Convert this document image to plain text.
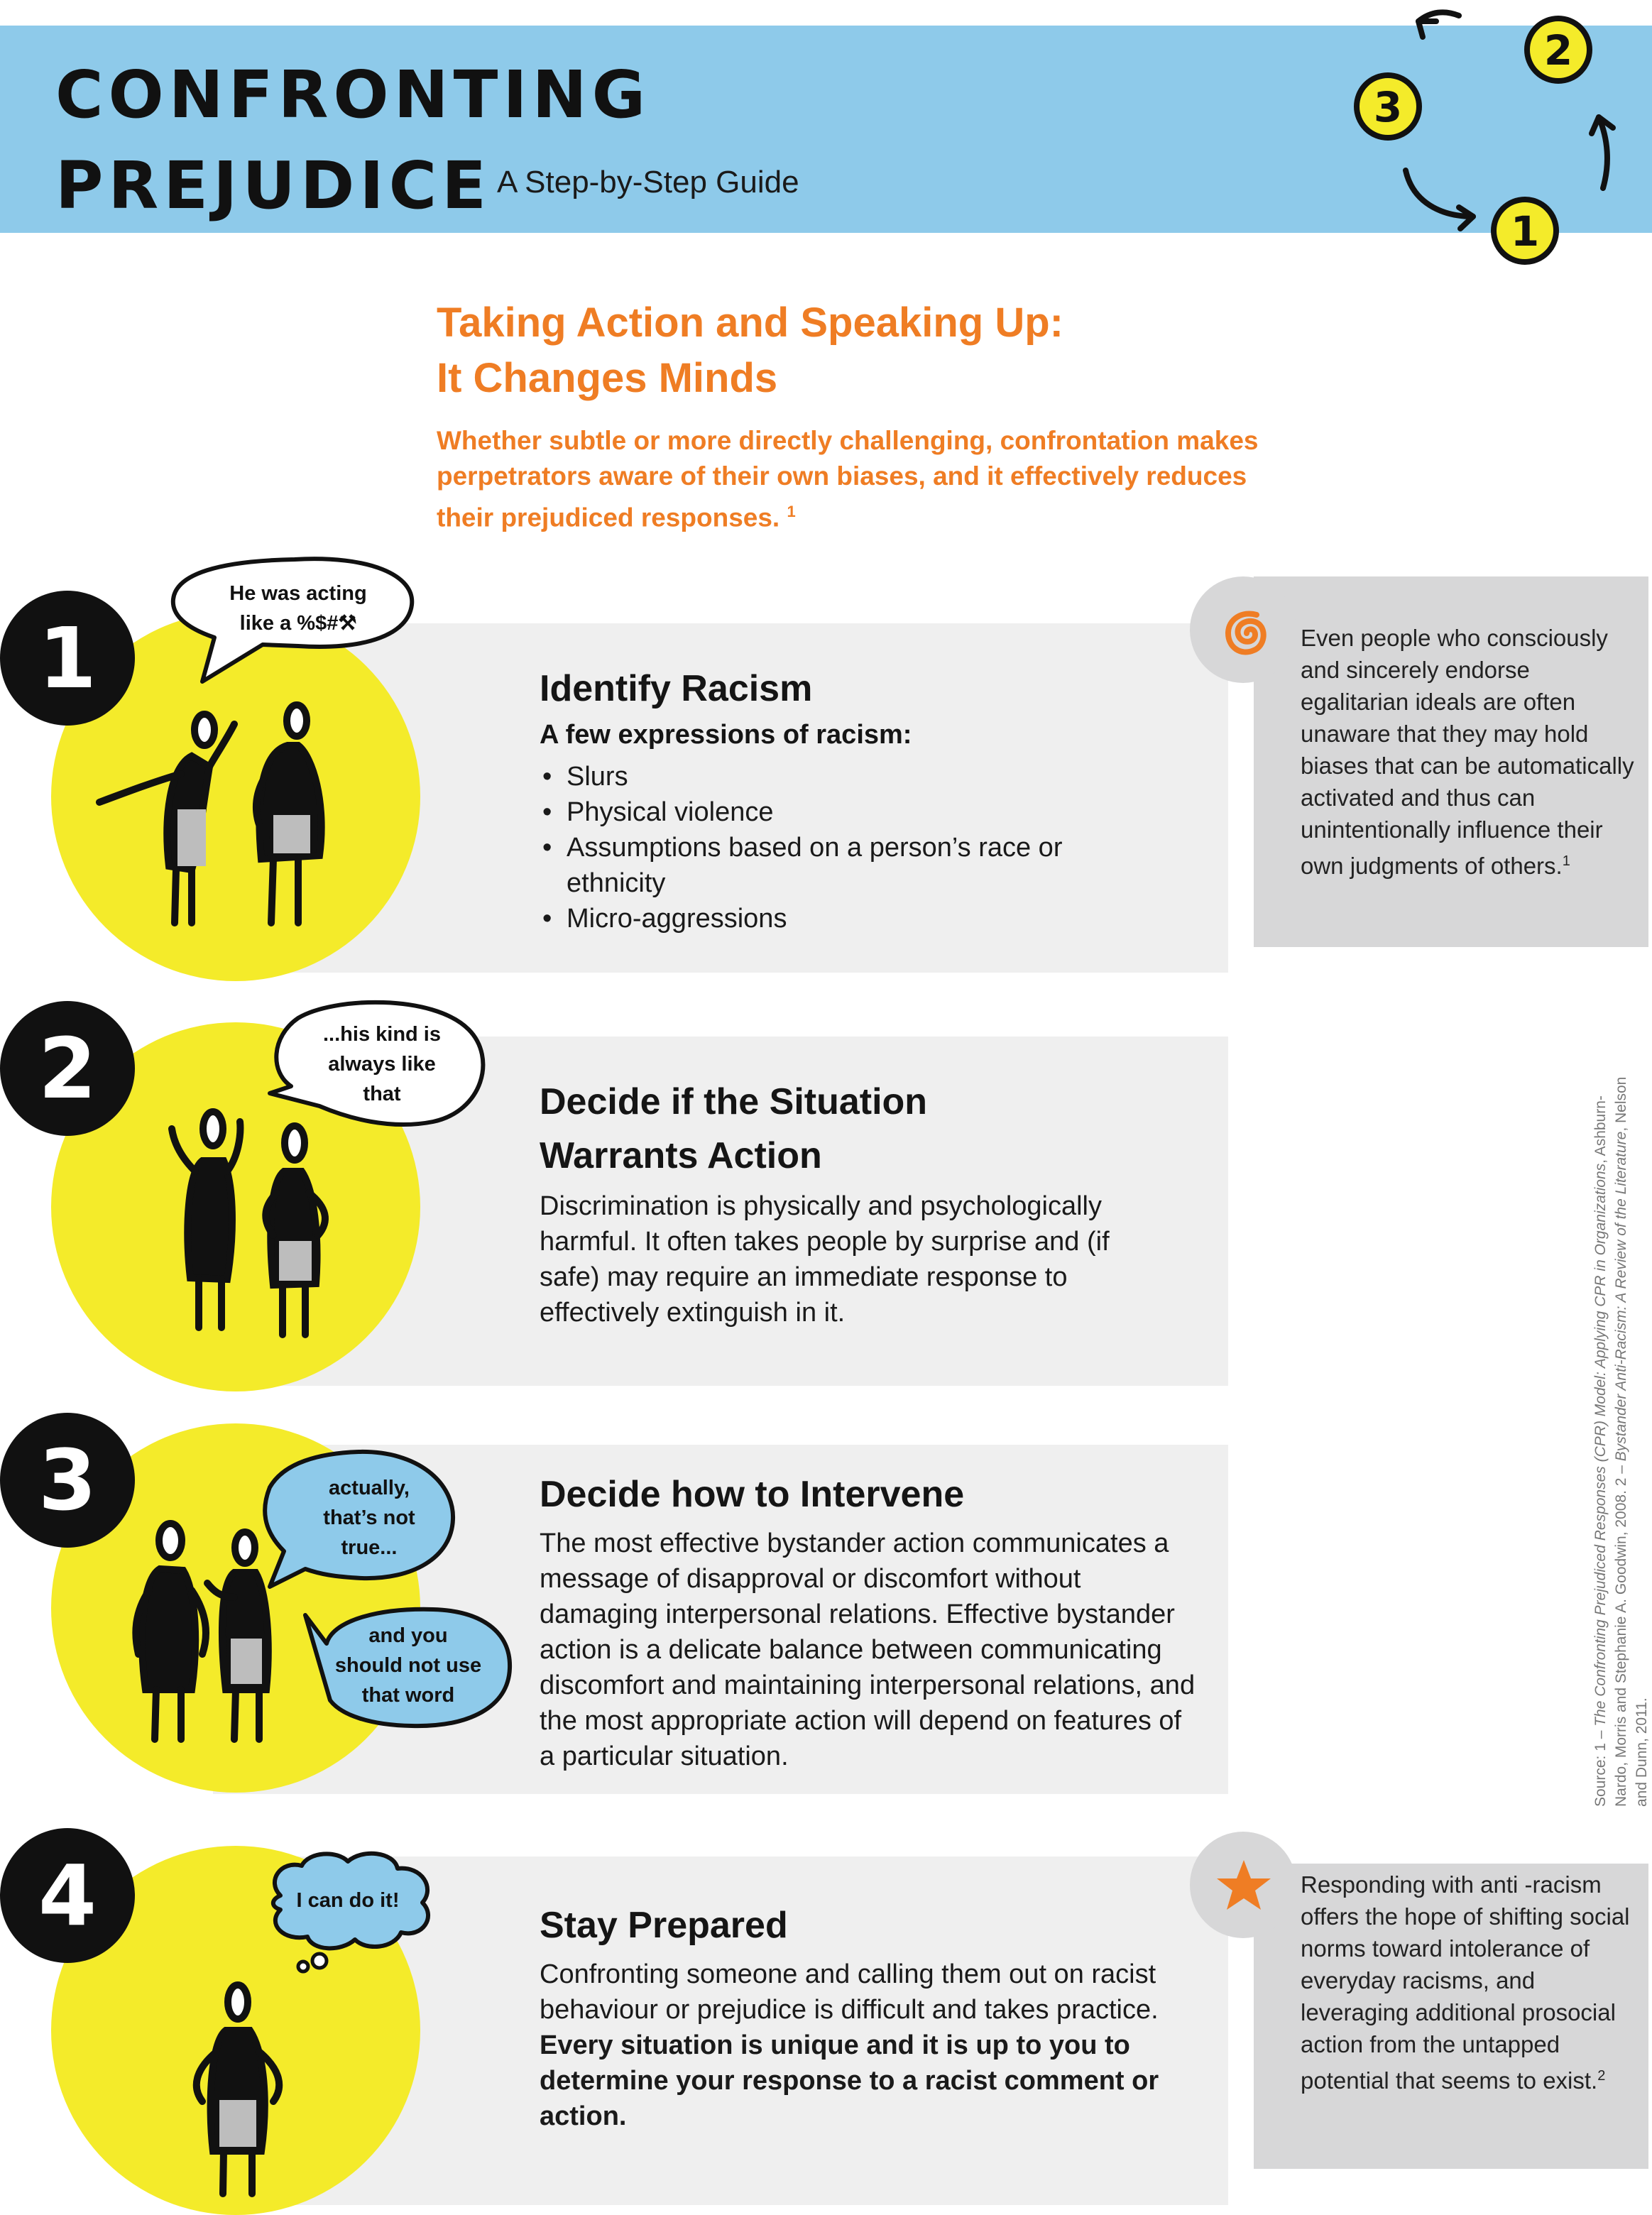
CONFRONTING
PREJUDICE A Step-by-Step Guide
1
2
3
Taking Action and Speaking Up:
It Changes Minds

Whether subtle or more directly challenging, confrontation makes perpetrators aware of their own biases, and it effectively reduces their prejudiced responses. $^1$

1
He was acting
like a %$#⚒
Identify Racism

A few expressions of racism:

• Slurs
• Physical violence
• Assumptions based on a person’s race or ethnicity
• Micro-aggressions

Even people who consciously and sincerely endorse egalitarian ideals are often unaware that they may hold biases that can be automatically activated and thus can unintentionally influence their own judgments of others.$^1$

2	...his kind is
always like
that	Decide if the Situation
Warrants Action

Discrimination is physically and psychologically harmful. It often takes people by surprise and (if safe) may require an immediate response to effectively extinguish in it.

3	actually,
that’s not
true...
and you
should not use
that word
Decide how to Intervene

The most effective bystander action communicates a message of disapproval or discomfort without damaging interpersonal relations. Effective bystander action is a delicate balance between communicating discomfort and maintaining interpersonal relations, and the most appropriate action will depend on features of a particular situation.

4	I can do it!
Stay Prepared

Confronting someone and calling them out on racist behaviour or prejudice is difficult and takes practice. Every situation is unique and it is up to you to determine your response to a racist comment or action.

Responding with anti -racism offers the hope of shifting social norms toward intolerance of everyday racisms, and leveraging additional prosocial action from the untapped potential that seems to exist.$^2$

Source: 1 – The Confronting Prejudiced Responses (CPR) Model: Applying CPR in Organizations, Ashburn-Nardo, Morris and Stephanie A. Goodwin, 2008. 2 – Bystander Anti-Racism: A Review of the Literature, Nelson and Dunn, 2011.
